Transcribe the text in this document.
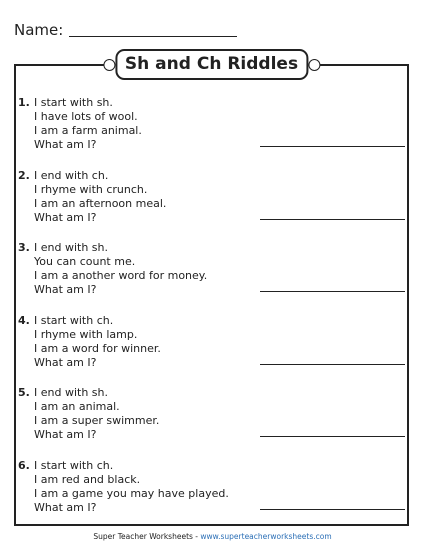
Name:
Sh and Ch Riddles
1. I start with sh.
I have lots of wool.
I am a farm animal.
What am I?
2. I end with ch.
I rhyme with crunch.
I am an afternoon meal.
What am I?
3. I end with sh.
You can count me.
I am a another word for money.
What am I?
4. I start with ch.
I rhyme with lamp.
I am a word for winner.
What am I?
5. I end with sh.
I am an animal.
I am a super swimmer.
What am I?
6. I start with ch.
I am red and black.
I am a game you may have played.
What am I?
Super Teacher Worksheets - www.superteacherworksheets.com
